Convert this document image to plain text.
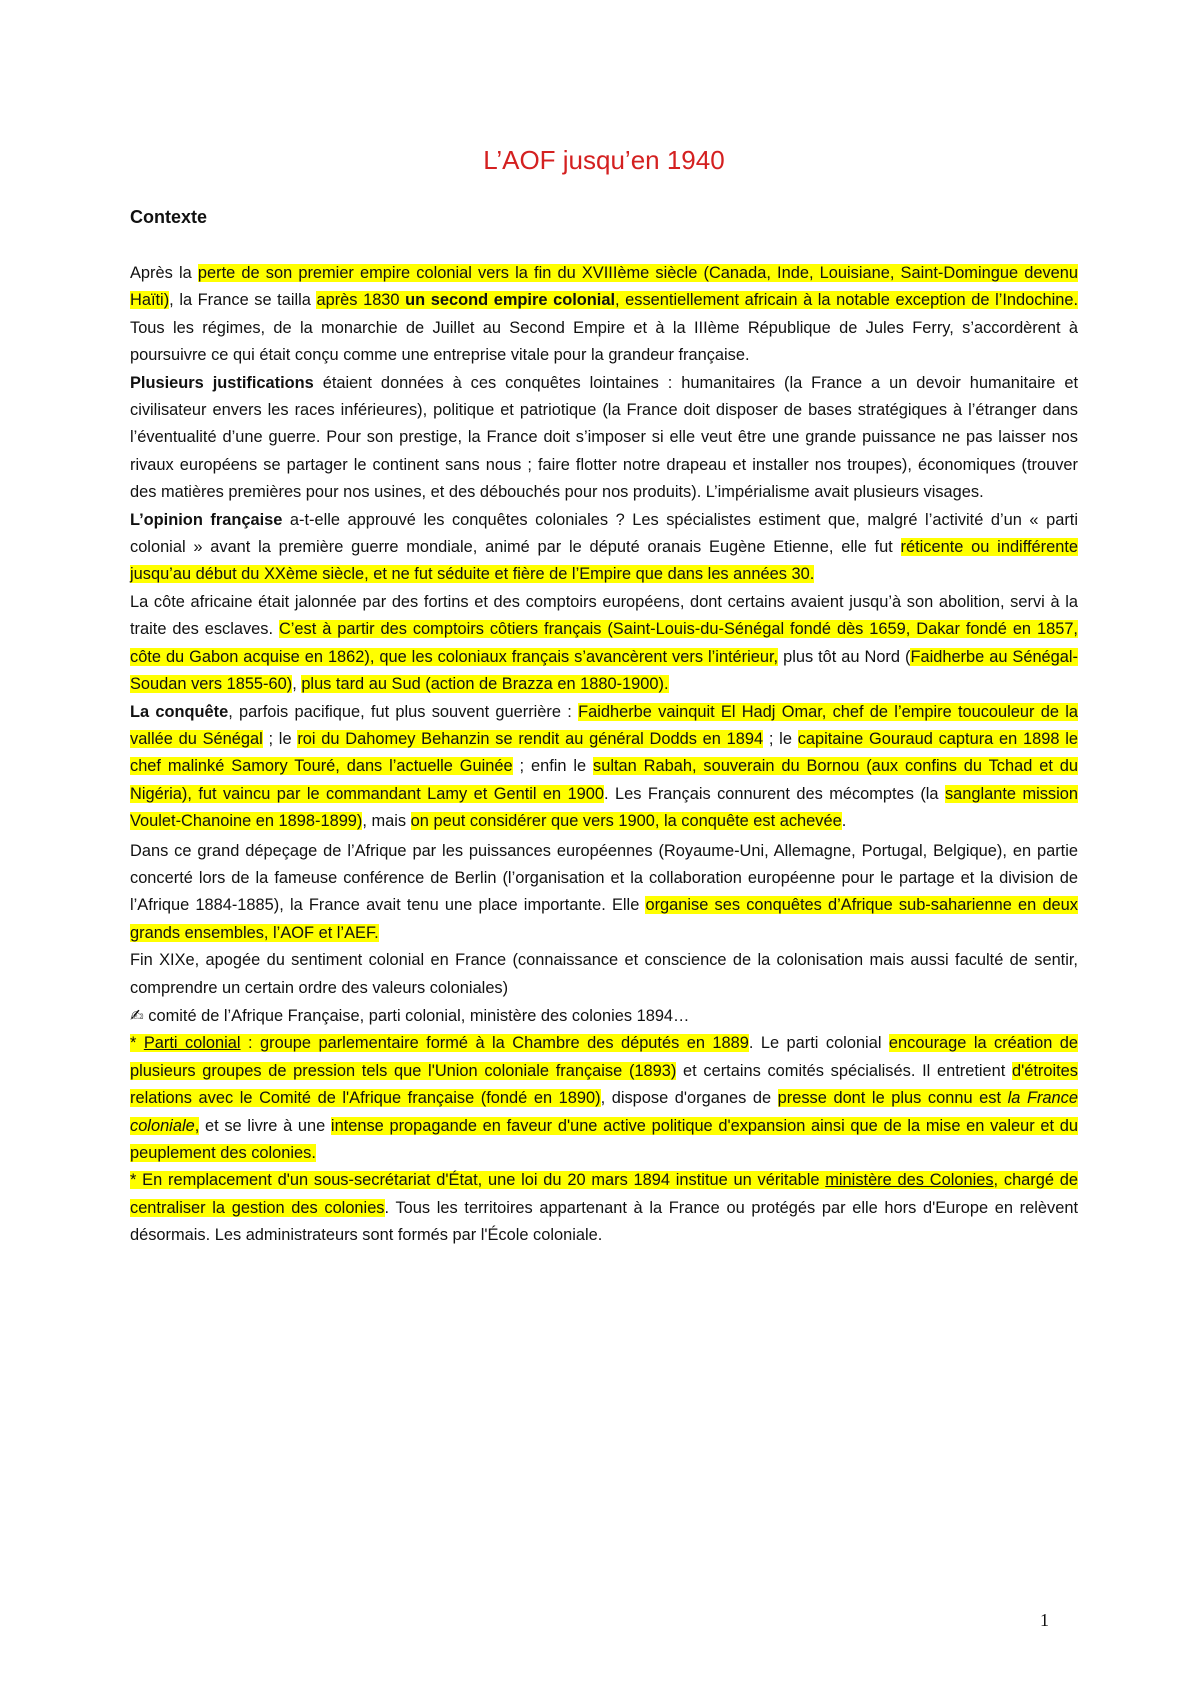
L’AOF jusqu’en 1940
Contexte

Après la perte de son premier empire colonial vers la fin du XVIIIème siècle (Canada, Inde, Louisiane, Saint-Domingue devenu Haïti), la France se tailla après 1830 un second empire colonial, essentiellement africain à la notable exception de l’Indochine. Tous les régimes, de la monarchie de Juillet au Second Empire et à la IIIème République de Jules Ferry, s’accordèrent à poursuivre ce qui était conçu comme une entreprise vitale pour la grandeur française.

Plusieurs justifications étaient données à ces conquêtes lointaines : humanitaires (la France a un devoir humanitaire et civilisateur envers les races inférieures), politique et patriotique (la France doit disposer de bases stratégiques à l’étranger dans l’éventualité d’une guerre. Pour son prestige, la France doit s’imposer si elle veut être une grande puissance ne pas laisser nos rivaux européens se partager le continent sans nous ; faire flotter notre drapeau et installer nos troupes), économiques (trouver des matières premières pour nos usines, et des débouchés pour nos produits). L’impérialisme avait plusieurs visages.

L’opinion française a-t-elle approuvé les conquêtes coloniales ? Les spécialistes estiment que, malgré l’activité d’un « parti colonial » avant la première guerre mondiale, animé par le député oranais Eugène Etienne, elle fut réticente ou indifférente jusqu’au début du XXème siècle, et ne fut séduite et fière de l’Empire que dans les années 30.

La côte africaine était jalonnée par des fortins et des comptoirs européens, dont certains avaient jusqu’à son abolition, servi à la traite des esclaves. C’est à partir des comptoirs côtiers français (Saint-Louis-du-Sénégal fondé dès 1659, Dakar fondé en 1857, côte du Gabon acquise en 1862), que les coloniaux français s’avancèrent vers l’intérieur, plus tôt au Nord (Faidherbe au Sénégal-Soudan vers 1855-60), plus tard au Sud (action de Brazza en 1880-1900).

La conquête, parfois pacifique, fut plus souvent guerrière : Faidherbe vainquit El Hadj Omar, chef de l’empire toucouleur de la vallée du Sénégal ; le roi du Dahomey Behanzin se rendit au général Dodds en 1894 ; le capitaine Gouraud captura en 1898 le chef malinké Samory Touré, dans l’actuelle Guinée ; enfin le sultan Rabah, souverain du Bornou (aux confins du Tchad et du Nigéria), fut vaincu par le commandant Lamy et Gentil en 1900. Les Français connurent des mécomptes (la sanglante mission Voulet-Chanoine en 1898-1899), mais on peut considérer que vers 1900, la conquête est achevée.

Dans ce grand dépeçage de l’Afrique par les puissances européennes (Royaume-Uni, Allemagne, Portugal, Belgique), en partie concerté lors de la fameuse conférence de Berlin (l’organisation et la collaboration européenne pour le partage et la division de l’Afrique 1884-1885), la France avait tenu une place importante. Elle organise ses conquêtes d’Afrique sub-saharienne en deux grands ensembles, l’AOF et l’AEF.

Fin XIXe, apogée du sentiment colonial en France (connaissance et conscience de la colonisation mais aussi faculté de sentir, comprendre un certain ordre des valeurs coloniales)

✍ comité de l’Afrique Française, parti colonial, ministère des colonies 1894…

* Parti colonial : groupe parlementaire formé à la Chambre des députés en 1889. Le parti colonial encourage la création de plusieurs groupes de pression tels que l'Union coloniale française (1893) et certains comités spécialisés. Il entretient d'étroites relations avec le Comité de l'Afrique française (fondé en 1890), dispose d'organes de presse dont le plus connu est la France coloniale, et se livre à une intense propagande en faveur d'une active politique d'expansion ainsi que de la mise en valeur et du peuplement des colonies.

* En remplacement d'un sous-secrétariat d'État, une loi du 20 mars 1894 institue un véritable ministère des Colonies, chargé de centraliser la gestion des colonies. Tous les territoires appartenant à la France ou protégés par elle hors d'Europe en relèvent désormais. Les administrateurs sont formés par l'École coloniale.

1
